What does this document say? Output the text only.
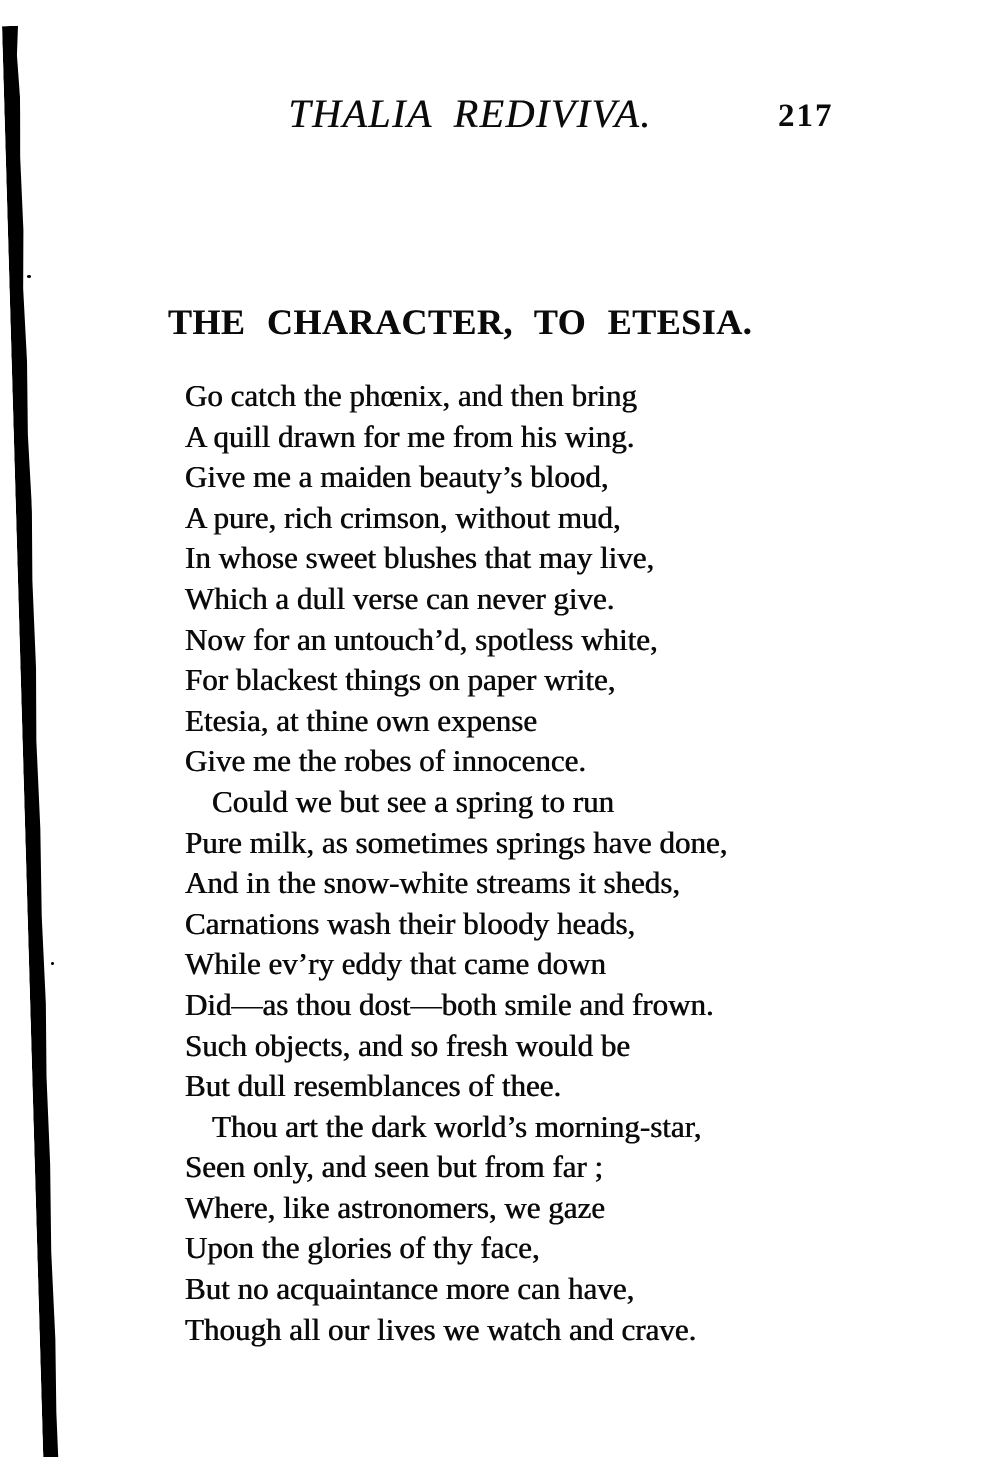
THALIA REDIVIVA.	217
THE CHARACTER, TO ETESIA.
Go catch the phœnix, and then bring
A quill drawn for me from his wing.
Give me a maiden beauty’s blood,
A pure, rich crimson, without mud,
In whose sweet blushes that may live,
Which a dull verse can never give.
Now for an untouch’d, spotless white,
For blackest things on paper write,
Etesia, at thine own expense
Give me the robes of innocence.
Could we but see a spring to run
Pure milk, as sometimes springs have done,
And in the snow-white streams it sheds,
Carnations wash their bloody heads,
While ev’ry eddy that came down
Did—as thou dost—both smile and frown.
Such objects, and so fresh would be
But dull resemblances of thee.
Thou art the dark world’s morning-star,
Seen only, and seen but from far ;
Where, like astronomers, we gaze
Upon the glories of thy face,
But no acquaintance more can have,
Though all our lives we watch and crave.
